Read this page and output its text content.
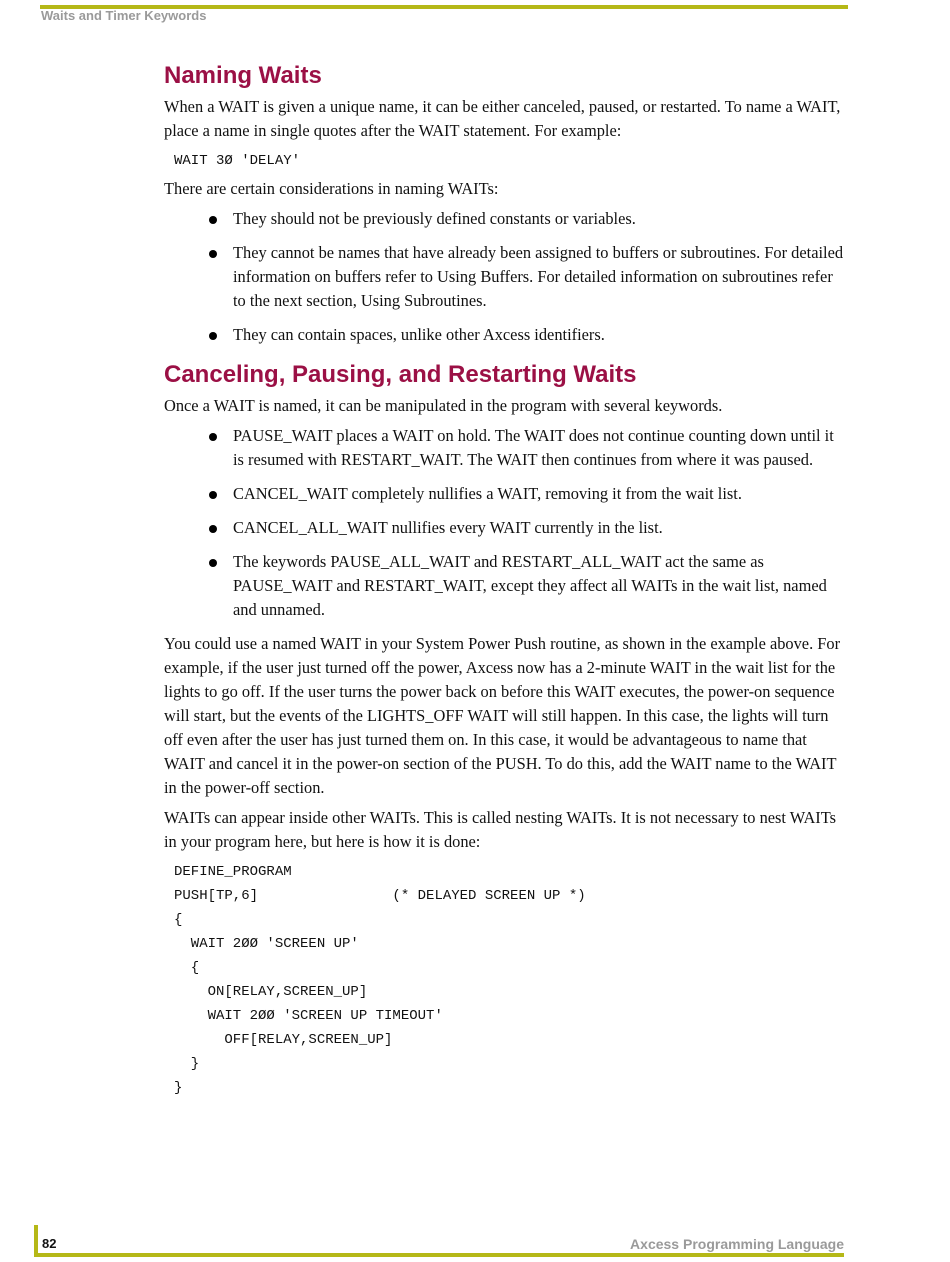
Waits and Timer Keywords
Naming Waits

When a WAIT is given a unique name, it can be either canceled, paused, or restarted. To name a WAIT, place a name in single quotes after the WAIT statement. For example:

WAIT 3Ø 'DELAY'

There are certain considerations in naming WAITs:

They should not be previously defined constants or variables.
They cannot be names that have already been assigned to buffers or subroutines. For detailed information on buffers refer to Using Buffers. For detailed information on subroutines refer to the next section, Using Subroutines.
They can contain spaces, unlike other Axcess identifiers.
Canceling, Pausing, and Restarting Waits

Once a WAIT is named, it can be manipulated in the program with several keywords.

PAUSE_WAIT places a WAIT on hold. The WAIT does not continue counting down until it is resumed with RESTART_WAIT. The WAIT then continues from where it was paused.
CANCEL_WAIT completely nullifies a WAIT, removing it from the wait list.
CANCEL_ALL_WAIT nullifies every WAIT currently in the list.
The keywords PAUSE_ALL_WAIT and RESTART_ALL_WAIT act the same as PAUSE_WAIT and RESTART_WAIT, except they affect all WAITs in the wait list, named and unnamed.

You could use a named WAIT in your System Power Push routine, as shown in the example above. For example, if the user just turned off the power, Axcess now has a 2-minute WAIT in the wait list for the lights to go off. If the user turns the power back on before this WAIT executes, the power-on sequence will start, but the events of the LIGHTS_OFF WAIT will still happen. In this case, the lights will turn off even after the user has just turned them on. In this case, it would be advantageous to name that WAIT and cancel it in the power-on section of the PUSH. To do this, add the WAIT name to the WAIT in the power-off section.

WAITs can appear inside other WAITs. This is called nesting WAITs. It is not necessary to nest WAITs in your program here, but here is how it is done:

DEFINE_PROGRAM
PUSH[TP,6]                (* DELAYED SCREEN UP *)
{
WAIT 2ØØ 'SCREEN UP'
{
ON[RELAY,SCREEN_UP]
WAIT 2ØØ 'SCREEN UP TIMEOUT'
OFF[RELAY,SCREEN_UP]
}
}
82	Axcess Programming Language
